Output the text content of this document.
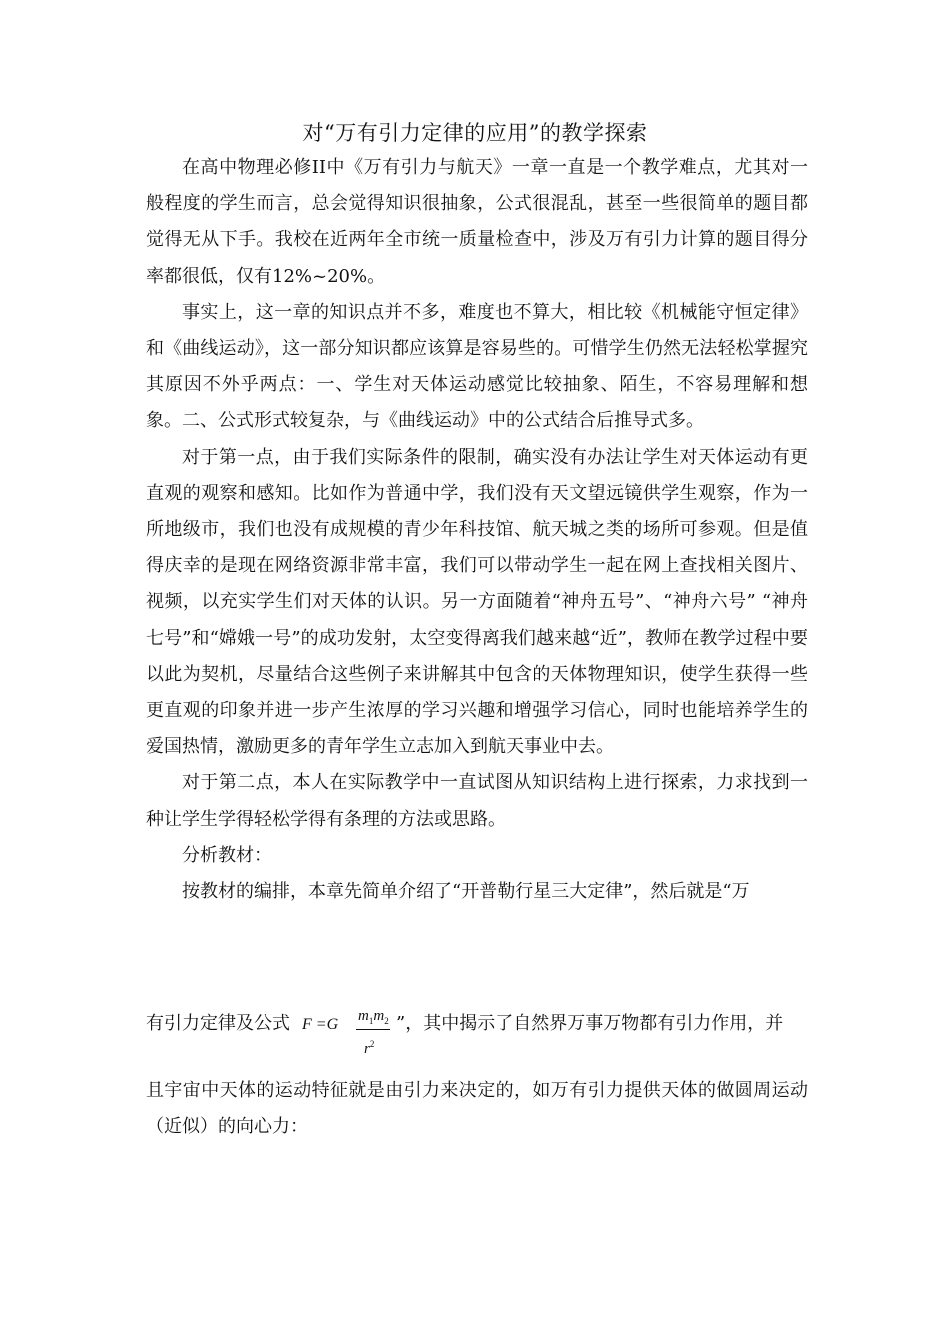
对“万有引力定律的应用”的教学探索

在高中物理必修II中《万有引力与航天》一章一直是一个教学难点，尤其对一般程度的学生而言，总会觉得知识很抽象，公式很混乱，甚至一些很简单的题目都觉得无从下手。我校在近两年全市统一质量检查中，涉及万有引力计算的题目得分率都很低，仅有12%~20%。

事实上，这一章的知识点并不多，难度也不算大，相比较《机械能守恒定律》和《曲线运动》，这一部分知识都应该算是容易些的。可惜学生仍然无法轻松掌握究其原因不外乎两点：一、学生对天体运动感觉比较抽象、陌生，不容易理解和想象。二、公式形式较复杂，与《曲线运动》中的公式结合后推导式多。

对于第一点，由于我们实际条件的限制，确实没有办法让学生对天体运动有更直观的观察和感知。比如作为普通中学，我们没有天文望远镜供学生观察，作为一所地级市，我们也没有成规模的青少年科技馆、航天城之类的场所可参观。但是值得庆幸的是现在网络资源非常丰富，我们可以带动学生一起在网上查找相关图片、视频，以充实学生们对天体的认识。另一方面随着“神舟五号”、“神舟六号” “神舟七号”和“嫦娥一号”的成功发射，太空变得离我们越来越“近”，教师在教学过程中要以此为契机，尽量结合这些例子来讲解其中包含的天体物理知识，使学生获得一些更直观的印象并进一步产生浓厚的学习兴趣和增强学习信心，同时也能培养学生的爱国热情，激励更多的青年学生立志加入到航天事业中去。

对于第二点，本人在实际教学中一直试图从知识结构上进行探索，力求找到一种让学生学得轻松学得有条理的方法或思路。

分析教材：

按教材的编排，本章先简单介绍了“开普勒行星三大定律”，然后就是“万

有引力定律及公式 F =G $m_1m_2$
$r^2$
”，其中揭示了自然界万事万物都有引力作用，并

且宇宙中天体的运动特征就是由引力来决定的，如万有引力提供天体的做圆周运动（近似）的向心力：
